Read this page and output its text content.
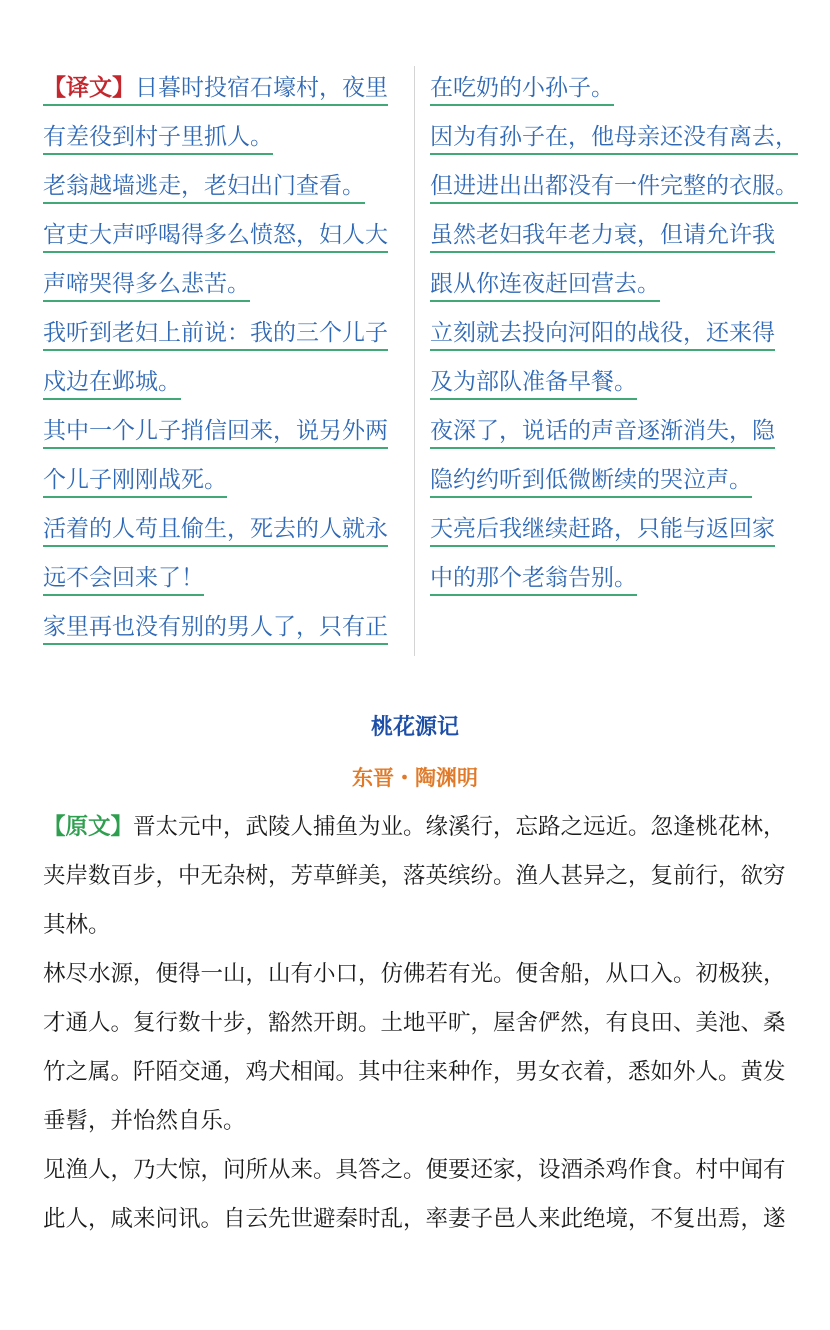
【译文】日暮时投宿石壕村，夜里
有差役到村子里抓人。
老翁越墙逃走，老妇出门查看。
官吏大声呼喝得多么愤怒，妇人大
声啼哭得多么悲苦。
我听到老妇上前说：我的三个儿子
戍边在邺城。
其中一个儿子捎信回来，说另外两
个儿子刚刚战死。
活着的人苟且偷生，死去的人就永
远不会回来了！
家里再也没有别的男人了，只有正
在吃奶的小孙子。
因为有孙子在，他母亲还没有离去，
但进进出出都没有一件完整的衣服。
虽然老妇我年老力衰，但请允许我
跟从你连夜赶回营去。
立刻就去投向河阳的战役，还来得
及为部队准备早餐。
夜深了，说话的声音逐渐消失，隐
隐约约听到低微断续的哭泣声。
天亮后我继续赶路，只能与返回家
中的那个老翁告别。
桃花源记
东晋・陶渊明
【原文】晋太元中，武陵人捕鱼为业。缘溪行，忘路之远近。忽逢桃花林，
夹岸数百步，中无杂树，芳草鲜美，落英缤纷。渔人甚异之，复前行，欲穷
其林。
林尽水源，便得一山，山有小口，仿佛若有光。便舍船，从口入。初极狭，
才通人。复行数十步，豁然开朗。土地平旷，屋舍俨然，有良田、美池、桑
竹之属。阡陌交通，鸡犬相闻。其中往来种作，男女衣着，悉如外人。黄发
垂髫，并怡然自乐。
见渔人，乃大惊，问所从来。具答之。便要还家，设酒杀鸡作食。村中闻有
此人，咸来问讯。自云先世避秦时乱，率妻子邑人来此绝境，不复出焉，遂
